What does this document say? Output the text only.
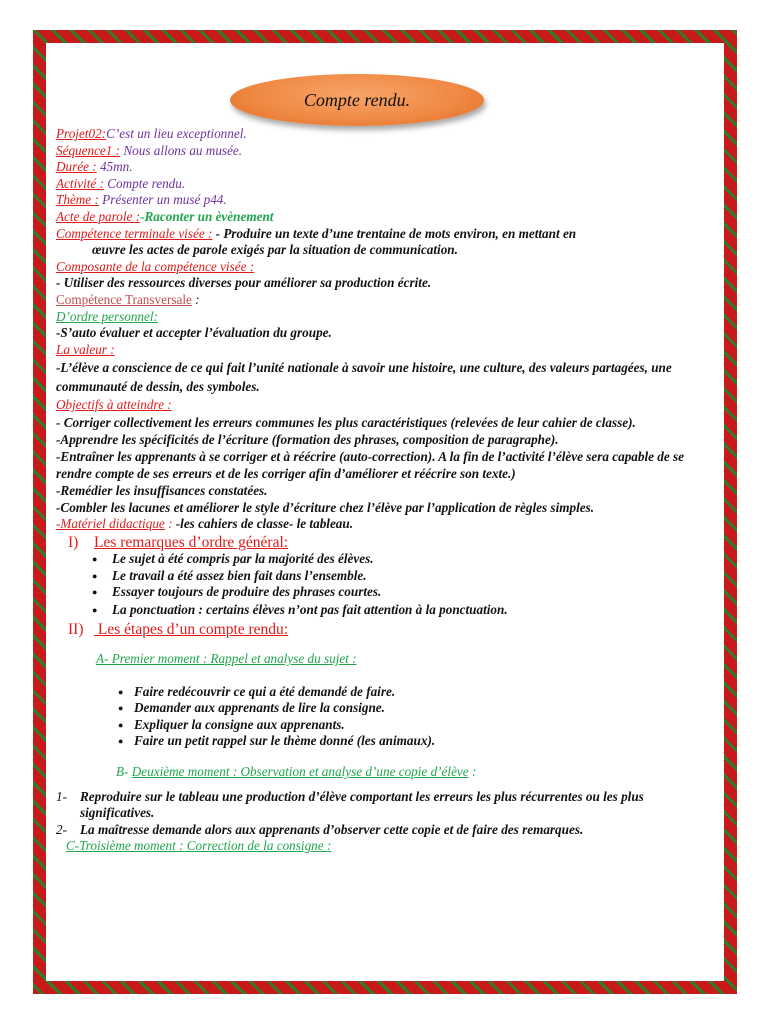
Compte rendu.
Projet02:C’est un lieu exceptionnel.
Séquence1 : Nous allons au musée.
Durée : 45mn.
Activité : Compte rendu.
Thème : Présenter un musé p44.
Acte de parole :-Raconter un èvènement
Compétence terminale visée : - Produire un texte d’une trentaine de mots environ, en mettant en
œuvre les actes de parole exigés par la situation de communication.
Composante de la compétence visée :
- Utiliser des ressources diverses pour améliorer sa production écrite.
Compétence Transversale :
D’ordre personnel:
-S’auto évaluer et accepter l’évaluation du groupe.
La valeur :
-L’élève a conscience de ce qui fait l’unité nationale à savoir une histoire, une culture, des valeurs partagées, une communauté de dessin, des symboles.
Objectifs à atteindre :
- Corriger collectivement les erreurs communes les plus caractéristiques (relevées de leur cahier de classe).
-Apprendre les spécificités de l’écriture (formation des phrases, composition de paragraphe).
-Entraîner les apprenants à se corriger et à réécrire (auto-correction). A la fin de l’activité l’élève sera capable de se rendre compte de ses erreurs et de les corriger afin d’améliorer et réécrire son texte.)
-Remédier les insuffisances constatées.
-Combler les lacunes et améliorer le style d’écriture chez l’élève par l’application de règles simples.
-Matériel didactique : -les cahiers de classe- le tableau.
I) Les remarques d’ordre général:
● Le sujet à été compris par la majorité des élèves.
● Le travail a été assez bien fait dans l’ensemble.
● Essayer toujours de produire des phrases courtes.
● La ponctuation : certains élèves n’ont pas fait attention à la ponctuation.
II) Les étapes d’un compte rendu:
A- Premier moment : Rappel et analyse du sujet :
● Faire redécouvrir ce qui a été demandé de faire.
● Demander aux apprenants de lire la consigne.
● Expliquer la consigne aux apprenants.
● Faire un petit rappel sur le thème donné (les animaux).
B- Deuxième moment : Observation et analyse d’une copie d’élève :
1- Reproduire sur le tableau une production d’élève comportant les erreurs les plus récurrentes ou les plus significatives.
2- La maîtresse demande alors aux apprenants d’observer cette copie et de faire des remarques.
C-Troisième moment : Correction de la consigne :
